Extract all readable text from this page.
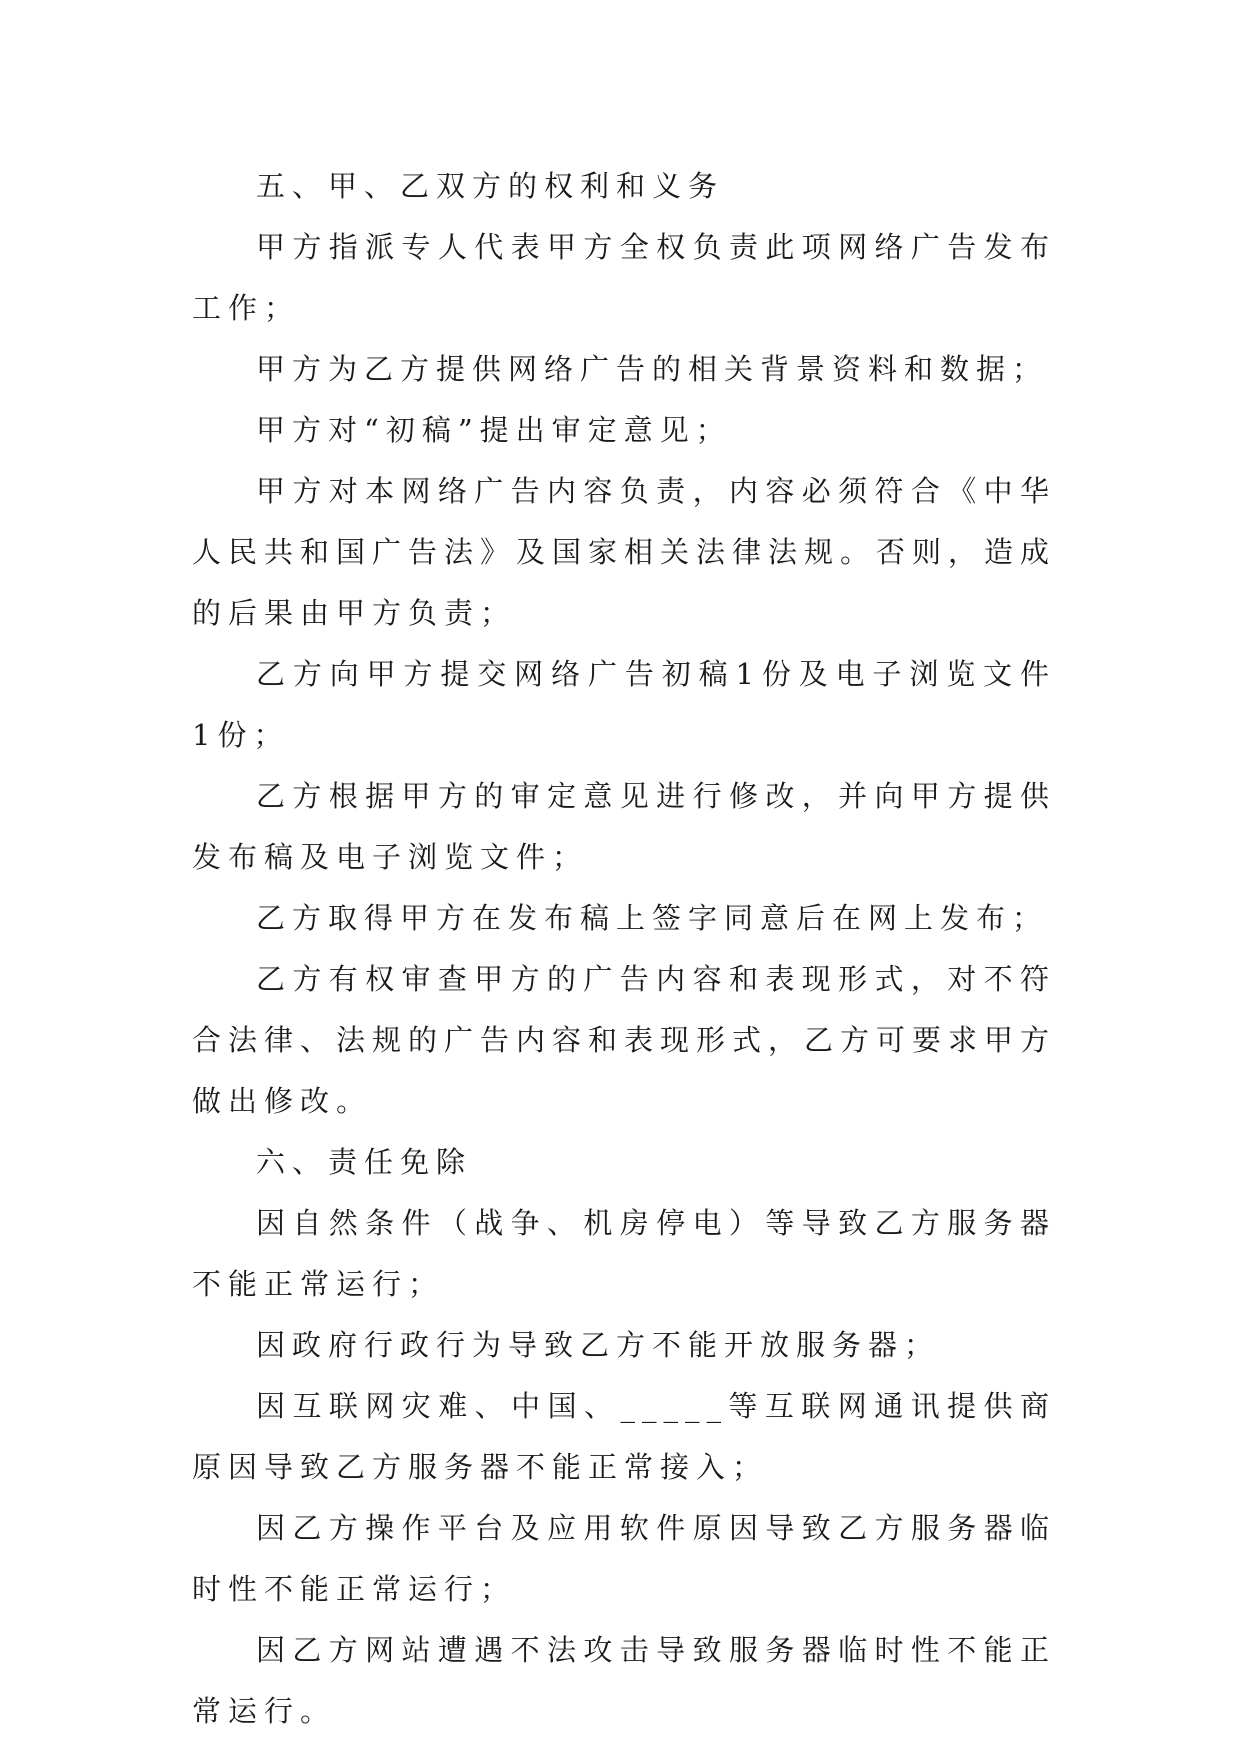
五、甲、乙双方的权利和义务

甲方指派专人代表甲方全权负责此项网络广告发布工作；

甲方为乙方提供网络广告的相关背景资料和数据；

甲方对“初稿”提出审定意见；

甲方对本网络广告内容负责，内容必须符合《中华人民共和国广告法》及国家相关法律法规。否则，造成的后果由甲方负责；

乙方向甲方提交网络广告初稿1份及电子浏览文件1份；

乙方根据甲方的审定意见进行修改，并向甲方提供发布稿及电子浏览文件；

乙方取得甲方在发布稿上签字同意后在网上发布；

乙方有权审查甲方的广告内容和表现形式，对不符合法律、法规的广告内容和表现形式，乙方可要求甲方做出修改。

六、责任免除

因自然条件（战争、机房停电）等导致乙方服务器不能正常运行；

因政府行政行为导致乙方不能开放服务器；

因互联网灾难、中国、_____等互联网通讯提供商原因导致乙方服务器不能正常接入；

因乙方操作平台及应用软件原因导致乙方服务器临时性不能正常运行；

因乙方网站遭遇不法攻击导致服务器临时性不能正常运行。
